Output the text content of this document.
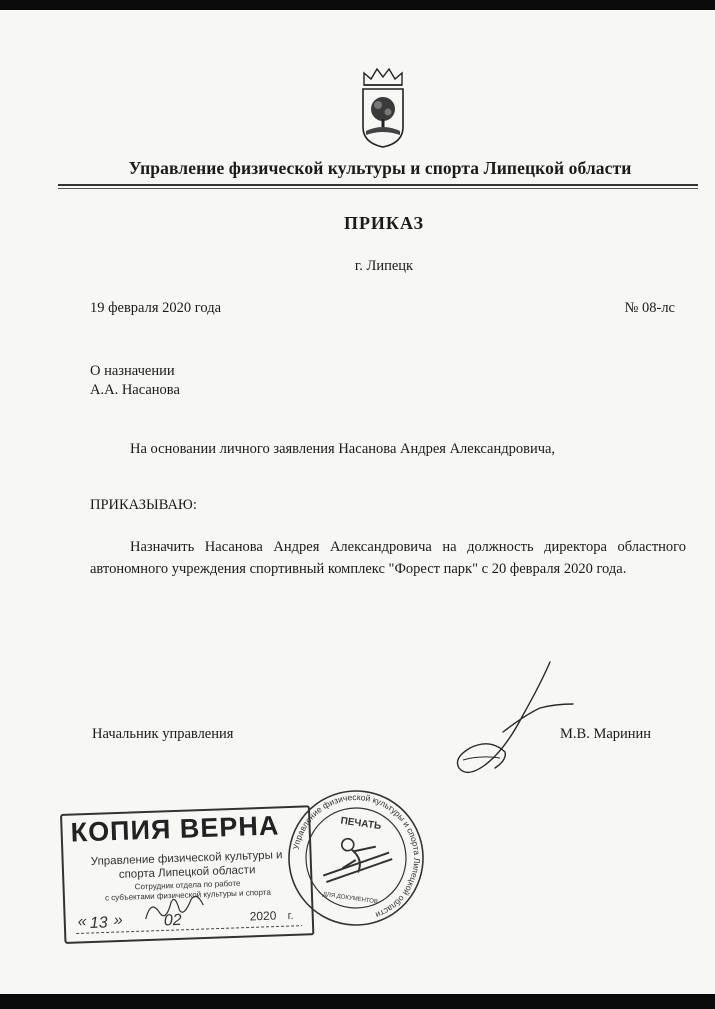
Управление физической культуры и спорта Липецкой области
ПРИКАЗ
г. Липецк
19 февраля 2020 года	№ 08-лс
О назначении
А.А. Насанова
На основании личного заявления Насанова Андрея Александровича,
ПРИКАЗЫВАЮ:
Назначить Насанова Андрея Александровича на должность директора областного автономного учреждения спортивный комплекс "Форест парк" с 20 февраля 2020 года.
Начальник управления	М.В. Маринин
КОПИЯ ВЕРНА
Управление физической культуры и
спорта Липецкой области
Сотрудник отдела по работе
с субъектами физической культуры и спорта
« 13 »	02	2020 г.
Управление физической культуры и спорта Липецкой области
ПЕЧАТЬ
ДЛЯ ДОКУМЕНТОВ
